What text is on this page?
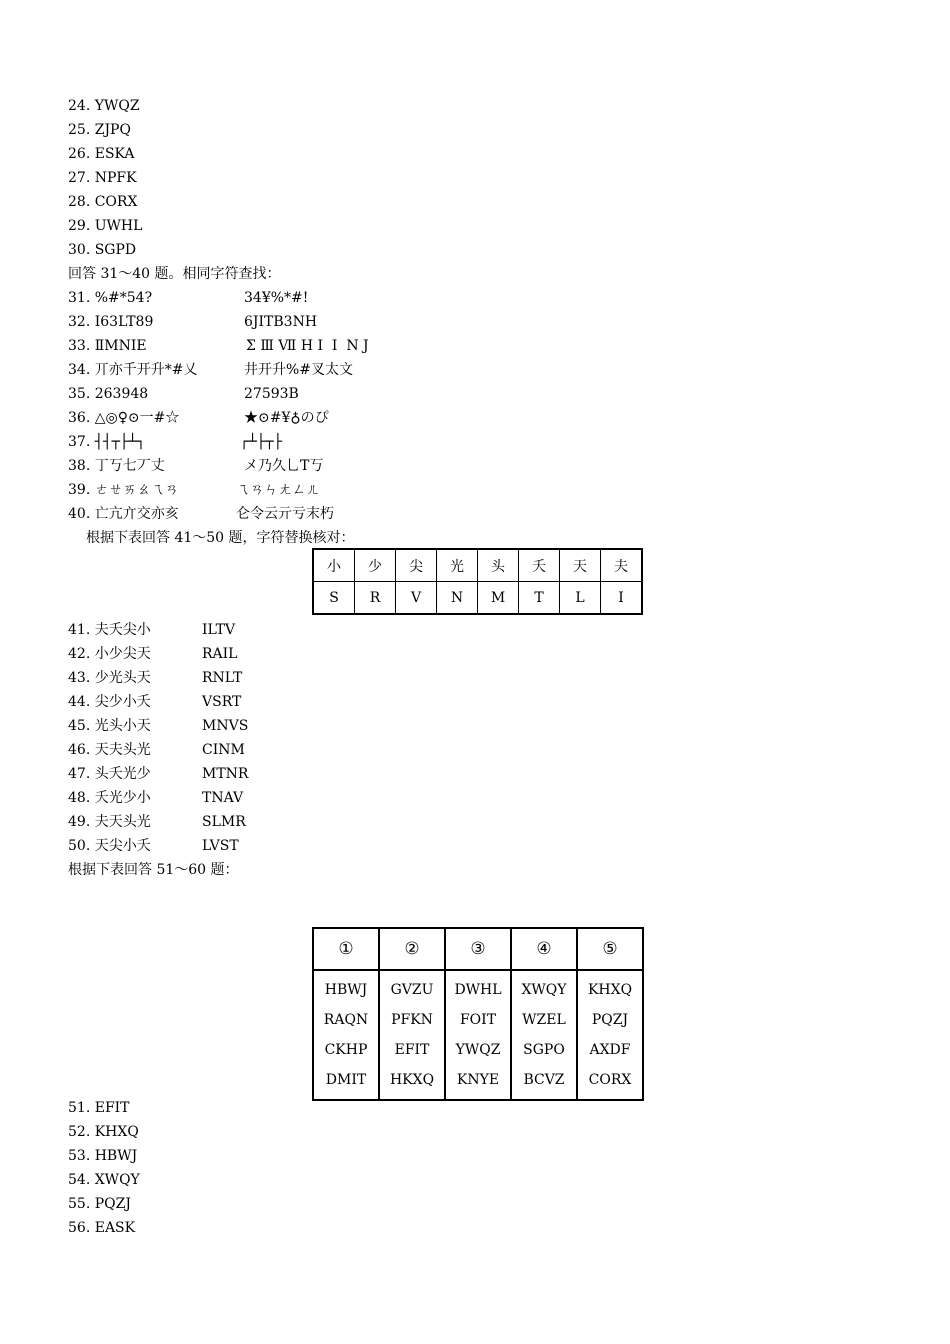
24. YWQZ
25. ZJPQ
26. ESKA
27. NPFK
28. CORX
29. UWHL
30. SGPD
回答 31～40 题。相同字符查找：
31. %#*54?	34¥%*#!
32. I63LT89	6JITB3NH
33. ⅡMNIE	Σ Ⅲ Ⅶ H I  I  N J
34. 丌亦千开升*#乂	井开升%#叉太文
35. 263948	27593B
36. △◎♀⊙一#☆	★⊙#¥♁のぴ
37. ┤┤┬├┴┐	┌┴├┬├
38. 丁丂七丆丈	メ乃久乚T丂
39. ㄜㄝㄞㄠㄟㄢ	ㄟㄢㄣㄤㄥㄦ
40. 亡亢亣交亦亥	仑令云亓亏末朽
根据下表回答 41～50 题，字符替换核对：
小	少	尖	光	头	夭	天	夫
S	R	V	N	M	T	L	I
41. 夫夭尖小	ILTV
42. 小少尖天	RAIL
43. 少光头天	RNLT
44. 尖少小夭	VSRT
45. 光头小天	MNVS
46. 天夫头光	CINM
47. 头夭光少	MTNR
48. 夭光少小	TNAV
49. 夫天头光	SLMR
50. 天尖小夭	LVST
根据下表回答 51～60 题：
①	②	③	④	⑤
HBWJ	GVZU	DWHL	XWQY	KHXQ
RAQN	PFKN	FOIT	WZEL	PQZJ
CKHP	EFIT	YWQZ	SGPO	AXDF
DMIT	HKXQ	KNYE	BCVZ	CORX
51. EFIT
52. KHXQ
53. HBWJ
54. XWQY
55. PQZJ
56. EASK
